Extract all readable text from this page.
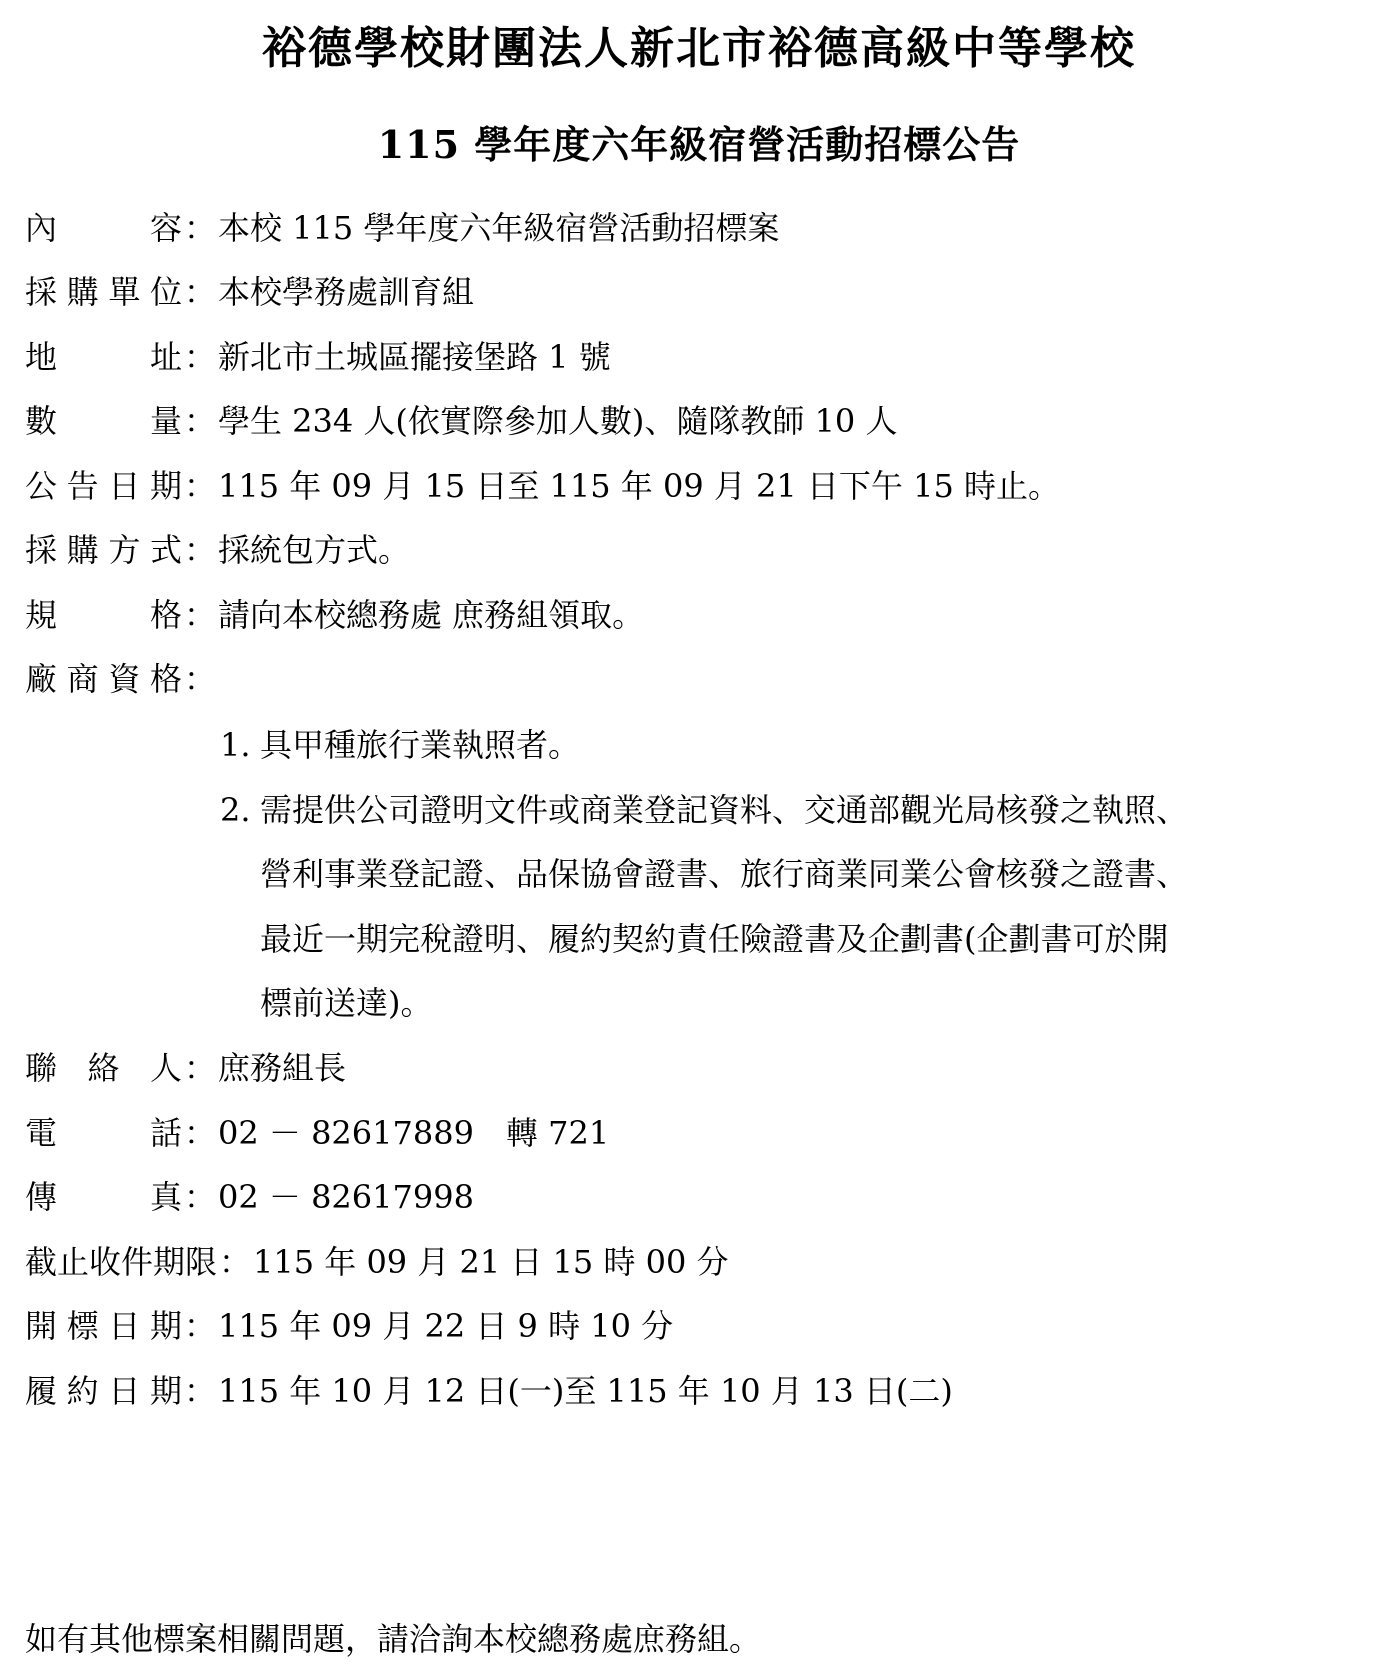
裕德學校財團法人新北市裕德高級中等學校
115 學年度六年級宿營活動招標公告
內容：本校 115 學年度六年級宿營活動招標案
採購單位：本校學務處訓育組
地址：新北市土城區擺接堡路 1 號
數量：學生 234 人(依實際參加人數)、隨隊教師 10 人
公告日期：115 年 09 月 15 日至 115 年 09 月 21 日下午 15 時止。
採購方式：採統包方式。
規格：請向本校總務處 庶務組領取。
廠商資格：
1. 具甲種旅行業執照者。
2. 需提供公司證明文件或商業登記資料、交通部觀光局核發之執照、
營利事業登記證、品保協會證書、旅行商業同業公會核發之證書、
最近一期完稅證明、履約契約責任險證書及企劃書(企劃書可於開
標前送達)。
聯絡人：庶務組長
電話：02 － 82617889　轉 721
傳真：02 － 82617998
截止收件期限：115 年 09 月 21 日 15 時 00 分
開標日期：115 年 09 月 22 日 9 時 10 分
履約日期：115 年 10 月 12 日(一)至 115 年 10 月 13 日(二)
如有其他標案相關問題，請洽詢本校總務處庶務組。
